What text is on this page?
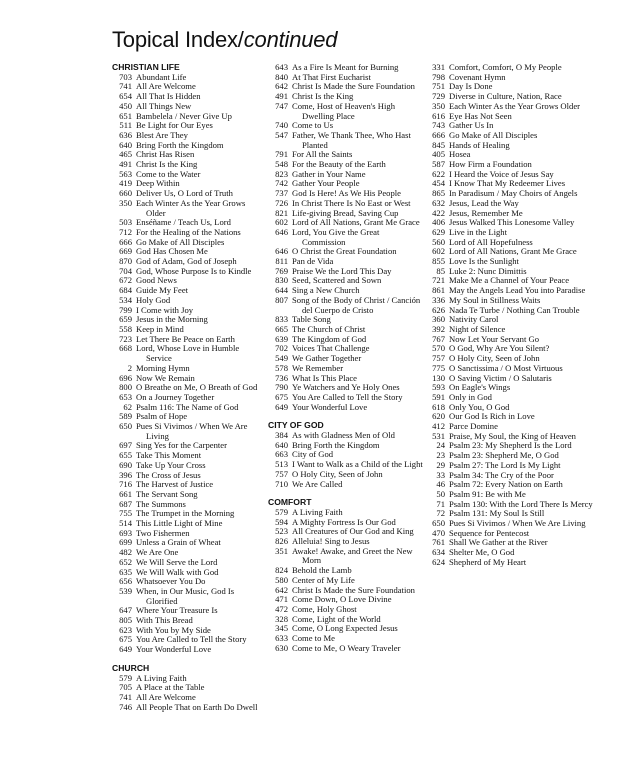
Topical Index/continued
CHRISTIAN LIFE
703 Abundant Life
741 All Are Welcome
654 All That Is Hidden
450 All Things New
651 Bambelela / Never Give Up
511 Be Light for Our Eyes
636 Blest Are They
640 Bring Forth the Kingdom
465 Christ Has Risen
491 Christ Is the King
563 Come to the Water
419 Deep Within
660 Deliver Us, O Lord of Truth
350 Each Winter As the Year Grows Older
503 Enséñame / Teach Us, Lord
712 For the Healing of the Nations
666 Go Make of All Disciples
669 God Has Chosen Me
870 God of Adam, God of Joseph
704 God, Whose Purpose Is to Kindle
672 Good News
684 Guide My Feet
534 Holy God
799 I Come with Joy
659 Jesus in the Morning
558 Keep in Mind
723 Let There Be Peace on Earth
668 Lord, Whose Love in Humble Service
2 Morning Hymn
696 Now We Remain
800 O Breathe on Me, O Breath of God
653 On a Journey Together
62 Psalm 116: The Name of God
589 Psalm of Hope
650 Pues Si Vivimos / When We Are Living
697 Sing Yes for the Carpenter
655 Take This Moment
690 Take Up Your Cross
396 The Cross of Jesus
716 The Harvest of Justice
661 The Servant Song
687 The Summons
755 The Trumpet in the Morning
514 This Little Light of Mine
693 Two Fishermen
699 Unless a Grain of Wheat
482 We Are One
652 We Will Serve the Lord
635 We Will Walk with God
656 Whatsoever You Do
539 When, in Our Music, God Is Glorified
647 Where Your Treasure Is
805 With This Bread
623 With You by My Side
675 You Are Called to Tell the Story
649 Your Wonderful Love
CHURCH
579 A Living Faith
705 A Place at the Table
741 All Are Welcome
746 All People That on Earth Do Dwell
643 As a Fire Is Meant for Burning
840 At That First Eucharist
642 Christ Is Made the Sure Foundation
491 Christ Is the King
747 Come, Host of Heaven's High Dwelling Place
740 Come to Us
547 Father, We Thank Thee, Who Hast Planted
791 For All the Saints
548 For the Beauty of the Earth
823 Gather in Your Name
742 Gather Your People
737 God Is Here! As We His People
726 In Christ There Is No East or West
821 Life-giving Bread, Saving Cup
602 Lord of All Nations, Grant Me Grace
646 Lord, You Give the Great Commission
646 O Christ the Great Foundation
811 Pan de Vida
769 Praise We the Lord This Day
830 Seed, Scattered and Sown
644 Sing a New Church
807 Song of the Body of Christ / Canción del Cuerpo de Cristo
833 Table Song
665 The Church of Christ
639 The Kingdom of God
702 Voices That Challenge
549 We Gather Together
578 We Remember
736 What Is This Place
790 Ye Watchers and Ye Holy Ones
675 You Are Called to Tell the Story
649 Your Wonderful Love
CITY OF GOD
384 As with Gladness Men of Old
640 Bring Forth the Kingdom
663 City of God
513 I Want to Walk as a Child of the Light
757 O Holy City, Seen of John
710 We Are Called
COMFORT
579 A Living Faith
594 A Mighty Fortress Is Our God
523 All Creatures of Our God and King
826 Alleluia! Sing to Jesus
351 Awake! Awake, and Greet the New Morn
824 Behold the Lamb
580 Center of My Life
642 Christ Is Made the Sure Foundation
471 Come Down, O Love Divine
472 Come, Holy Ghost
328 Come, Light of the World
345 Come, O Long Expected Jesus
633 Come to Me
630 Come to Me, O Weary Traveler
331 Comfort, Comfort, O My People
798 Covenant Hymn
751 Day Is Done
729 Diverse in Culture, Nation, Race
350 Each Winter As the Year Grows Older
616 Eye Has Not Seen
743 Gather Us In
666 Go Make of All Disciples
845 Hands of Healing
405 Hosea
587 How Firm a Foundation
622 I Heard the Voice of Jesus Say
454 I Know That My Redeemer Lives
865 In Paradisum / May Choirs of Angels
632 Jesus, Lead the Way
422 Jesus, Remember Me
406 Jesus Walked This Lonesome Valley
629 Live in the Light
560 Lord of All Hopefulness
602 Lord of All Nations, Grant Me Grace
855 Love Is the Sunlight
85 Luke 2: Nunc Dimittis
721 Make Me a Channel of Your Peace
861 May the Angels Lead You into Paradise
336 My Soul in Stillness Waits
626 Nada Te Turbe / Nothing Can Trouble
360 Nativity Carol
392 Night of Silence
767 Now Let Your Servant Go
570 O God, Why Are You Silent?
757 O Holy City, Seen of John
775 O Sanctissima / O Most Virtuous
130 O Saving Victim / O Salutaris
593 On Eagle's Wings
591 Only in God
618 Only You, O God
620 Our God Is Rich in Love
412 Parce Domine
531 Praise, My Soul, the King of Heaven
24 Psalm 23: My Shepherd Is the Lord
23 Psalm 23: Shepherd Me, O God
29 Psalm 27: The Lord Is My Light
33 Psalm 34: The Cry of the Poor
46 Psalm 72: Every Nation on Earth
50 Psalm 91: Be with Me
71 Psalm 130: With the Lord There Is Mercy
72 Psalm 131: My Soul Is Still
650 Pues Si Vivimos / When We Are Living
470 Sequence for Pentecost
761 Shall We Gather at the River
634 Shelter Me, O God
624 Shepherd of My Heart
